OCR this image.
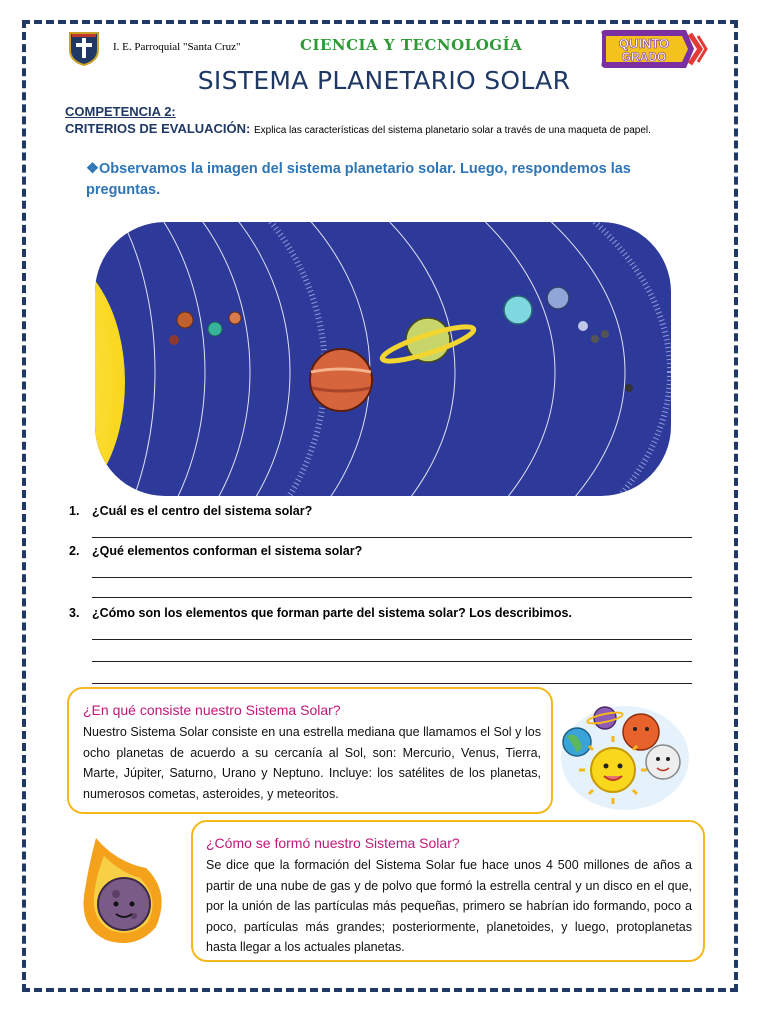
I. E. Parroquial "Santa Cruz"	CIENCIA Y TECNOLOGÍA	QUINTO
GRADO
SISTEMA PLANETARIO SOLAR
COMPETENCIA 2:
CRITERIOS DE EVALUACIÓN: Explica las características del sistema planetario solar a través de una maqueta de papel.
❖Observamos la imagen del sistema planetario solar. Luego, respondemos las preguntas.
1. ¿Cuál es el centro del sistema solar?
2. ¿Qué elementos conforman el sistema solar?
3. ¿Cómo son los elementos que forman parte del sistema solar? Los describimos.
¿En qué consiste nuestro Sistema Solar?
Nuestro Sistema Solar consiste en una estrella mediana que llamamos el Sol y los ocho planetas de acuerdo a su cercanía al Sol, son: Mercurio, Venus, Tierra, Marte, Júpiter, Saturno, Urano y Neptuno. Incluye: los satélites de los planetas, numerosos cometas, asteroides, y meteoritos.
¿Cómo se formó nuestro Sistema Solar?
Se dice que la formación del Sistema Solar fue hace unos 4 500 millones de años a partir de una nube de gas y de polvo que formó la estrella central y un disco en el que, por la unión de las partículas más pequeñas, primero se habrían ido formando, poco a poco, partículas más grandes; posteriormente, planetoides, y luego, protoplanetas hasta llegar a los actuales planetas.
